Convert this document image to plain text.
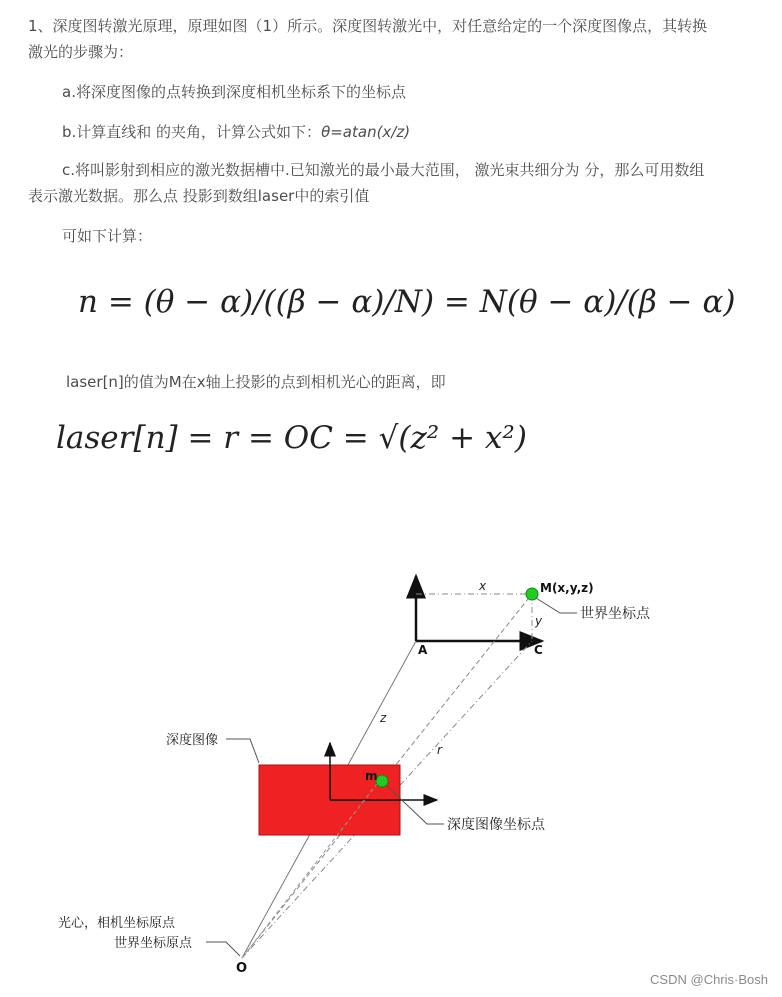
1、深度图转激光原理，原理如图（1）所示。深度图转激光中，对任意给定的一个深度图像点，其转换

激光的步骤为：

a.将深度图像的点转换到深度相机坐标系下的坐标点

b.计算直线和 的夹角，计算公式如下：θ=atan(x/z)

c.将叫影射到相应的激光数据槽中.已知激光的最小最大范围， 激光束共细分为 分，那么可用数组

表示激光数据。那么点 投影到数组laser中的索引值

可如下计算：

n = (θ − α)/((β − α)/N) = N(θ − α)/(β − α)

laser[n]的值为M在x轴上投影的点到相机光心的距离，即

laser[n] = r = OC = √(z² + x²)
M(x,y,z)
世界坐标点
x
y
A	C
z
r
深度图像
m
深度图像坐标点
光心，相机坐标原点
世界坐标原点
O
CSDN @Chris·Bosh
